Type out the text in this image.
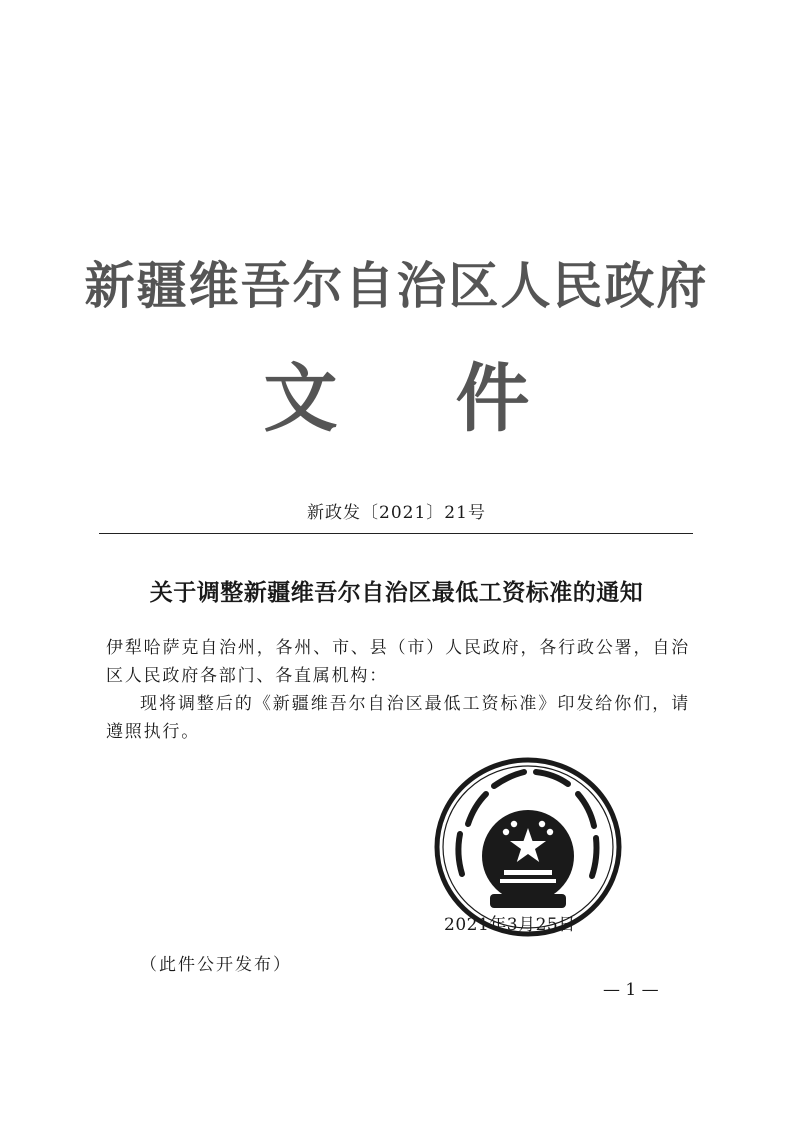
新疆维吾尔自治区人民政府
文 件
新政发〔2021〕21号
关于调整新疆维吾尔自治区最低工资标准的通知

伊犁哈萨克自治州，各州、市、县（市）人民政府，各行政公署，自治区人民政府各部门、各直属机构：

现将调整后的《新疆维吾尔自治区最低工资标准》印发给你们，请遵照执行。

2021年3月25日
（此件公开发布）
— 1 —
